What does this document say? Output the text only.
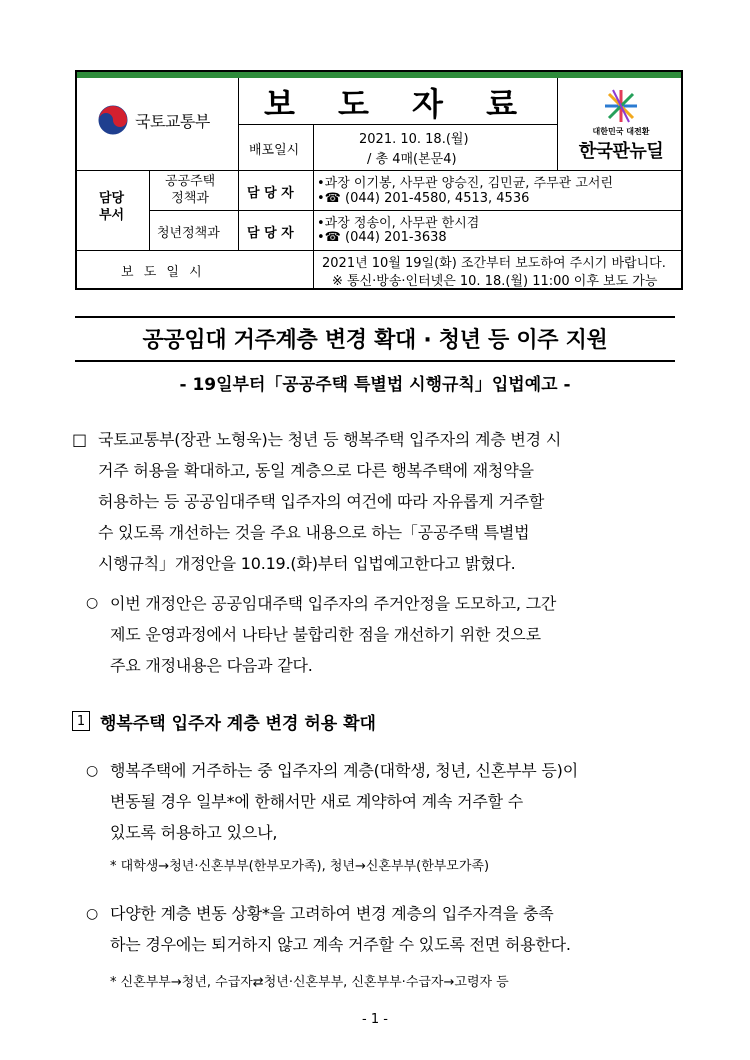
국토교통부	보 도 자 료
배포일시
2021. 10. 18.(월)
/ 총 4매(본문4)
대한민국 대전환
한국판뉴딜
담당
부서
공공주택
정책과
청년정책과
담 당 자
담 당 자
•과장 이기봉, 사무관 양승진, 김민균, 주무관 고서린
•☎ (044) 201-4580, 4513, 4536
•과장 정송이, 사무관 한시겸
•☎ (044) 201-3638
보 도 일 시
2021년 10월 19일(화) 조간부터 보도하여 주시기 바랍니다.
※ 통신·방송·인터넷은 10. 18.(월) 11:00 이후 보도 가능
공공임대 거주계층 변경 확대 · 청년 등 이주 지원
- 19일부터「공공주택 특별법 시행규칙」입법예고 -
□ 국토교통부(장관 노형욱)는 청년 등 행복주택 입주자의 계층 변경 시
거주 허용을 확대하고, 동일 계층으로 다른 행복주택에 재청약을
허용하는 등 공공임대주택 입주자의 여건에 따라 자유롭게 거주할
수 있도록 개선하는 것을 주요 내용으로 하는「공공주택 특별법
시행규칙」개정안을 10.19.(화)부터 입법예고한다고 밝혔다.
○ 이번 개정안은 공공임대주택 입주자의 주거안정을 도모하고, 그간
제도 운영과정에서 나타난 불합리한 점을 개선하기 위한 것으로
주요 개정내용은 다음과 같다.
1 행복주택 입주자 계층 변경 허용 확대
○ 행복주택에 거주하는 중 입주자의 계층(대학생, 청년, 신혼부부 등)이
변동될 경우 일부*에 한해서만 새로 계약하여 계속 거주할 수
있도록 허용하고 있으나,
* 대학생→청년·신혼부부(한부모가족), 청년→신혼부부(한부모가족)
○ 다양한 계층 변동 상황*을 고려하여 변경 계층의 입주자격을 충족
하는 경우에는 퇴거하지 않고 계속 거주할 수 있도록 전면 허용한다.
* 신혼부부→청년, 수급자⇄청년·신혼부부, 신혼부부·수급자→고령자 등
- 1 -
